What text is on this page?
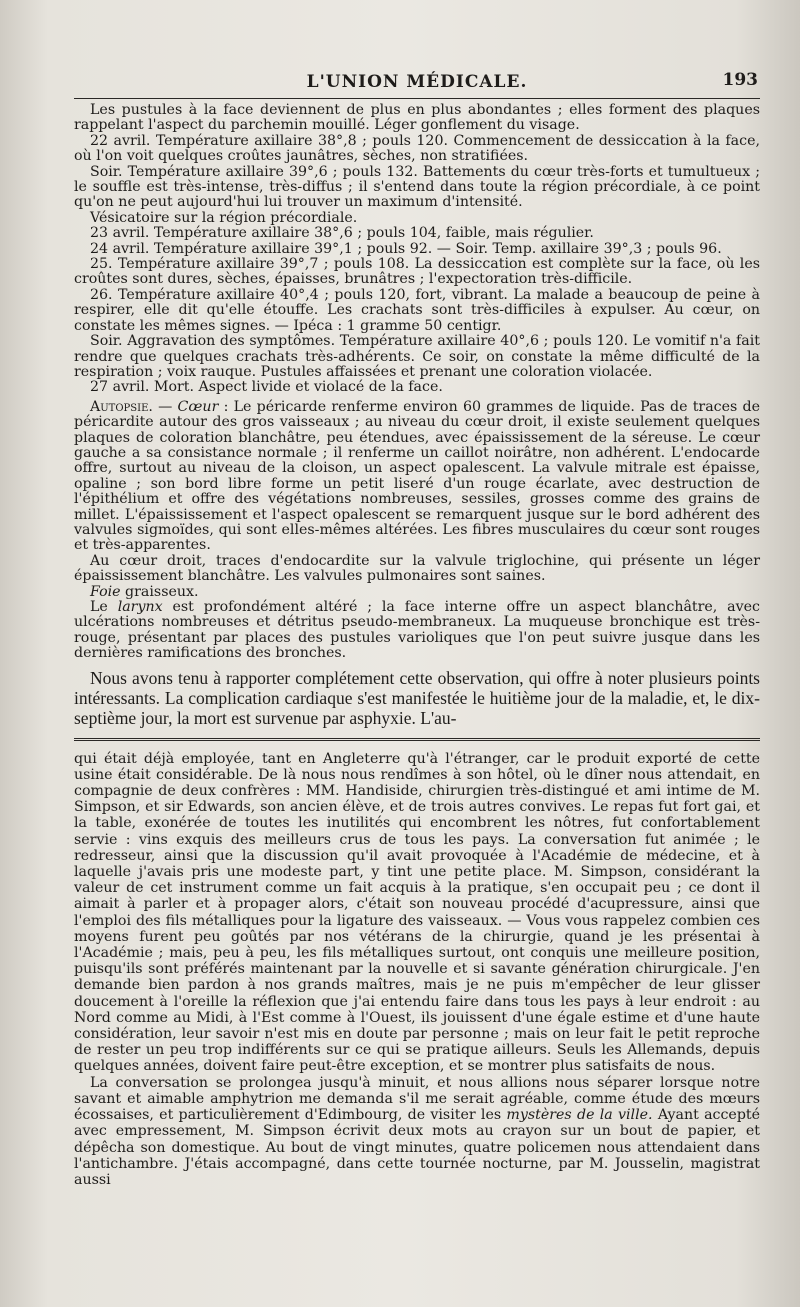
L'UNION MÉDICALE.	193

Les pustules à la face deviennent de plus en plus abondantes ; elles forment des plaques rappelant l'aspect du parchemin mouillé. Léger gonflement du visage.

22 avril. Température axillaire 38°,8 ; pouls 120. Commencement de dessiccation à la face, où l'on voit quelques croûtes jaunâtres, sèches, non stratifiées.

Soir. Température axillaire 39°,6 ; pouls 132. Battements du cœur très-forts et tumultueux ; le souffle est très-intense, très-diffus ; il s'entend dans toute la région précordiale, à ce point qu'on ne peut aujourd'hui lui trouver un maximum d'intensité.

Vésicatoire sur la région précordiale.

23 avril. Température axillaire 38°,6 ; pouls 104, faible, mais régulier.

24 avril. Température axillaire 39°,1 ; pouls 92. — Soir. Temp. axillaire 39°,3 ; pouls 96.

25. Température axillaire 39°,7 ; pouls 108. La dessiccation est complète sur la face, où les croûtes sont dures, sèches, épaisses, brunâtres ; l'expectoration très-difficile.

26. Température axillaire 40°,4 ; pouls 120, fort, vibrant. La malade a beaucoup de peine à respirer, elle dit qu'elle étouffe. Les crachats sont très-difficiles à expulser. Au cœur, on constate les mêmes signes. — Ipéca : 1 gramme 50 centigr.

Soir. Aggravation des symptômes. Température axillaire 40°,6 ; pouls 120. Le vomitif n'a fait rendre que quelques crachats très-adhérents. Ce soir, on constate la même difficulté de la respiration ; voix rauque. Pustules affaissées et prenant une coloration violacée.

27 avril. Mort. Aspect livide et violacé de la face.

Autopsie. — Cœur : Le péricarde renferme environ 60 grammes de liquide. Pas de traces de péricardite autour des gros vaisseaux ; au niveau du cœur droit, il existe seulement quelques plaques de coloration blanchâtre, peu étendues, avec épaississement de la séreuse. Le cœur gauche a sa consistance normale ; il renferme un caillot noirâtre, non adhérent. L'endocarde offre, surtout au niveau de la cloison, un aspect opalescent. La valvule mitrale est épaisse, opaline ; son bord libre forme un petit liseré d'un rouge écarlate, avec destruction de l'épithélium et offre des végétations nombreuses, sessiles, grosses comme des grains de millet. L'épaississement et l'aspect opalescent se remarquent jusque sur le bord adhérent des valvules sigmoïdes, qui sont elles-mêmes altérées. Les fibres musculaires du cœur sont rouges et très-apparentes.

Au cœur droit, traces d'endocardite sur la valvule triglochine, qui présente un léger épaississement blanchâtre. Les valvules pulmonaires sont saines.

Foie graisseux.

Le larynx est profondément altéré ; la face interne offre un aspect blanchâtre, avec ulcérations nombreuses et détritus pseudo-membraneux. La muqueuse bronchique est très-rouge, présentant par places des pustules varioliques que l'on peut suivre jusque dans les dernières ramifications des bronches.

Nous avons tenu à rapporter complétement cette observation, qui offre à noter plusieurs points intéressants. La complication cardiaque s'est manifestée le huitième jour de la maladie, et, le dix-septième jour, la mort est survenue par asphyxie. L'au-

qui était déjà employée, tant en Angleterre qu'à l'étranger, car le produit exporté de cette usine était considérable. De là nous nous rendîmes à son hôtel, où le dîner nous attendait, en compagnie de deux confrères : MM. Handiside, chirurgien très-distingué et ami intime de M. Simpson, et sir Edwards, son ancien élève, et de trois autres convives. Le repas fut fort gai, et la table, exonérée de toutes les inutilités qui encombrent les nôtres, fut confortablement servie : vins exquis des meilleurs crus de tous les pays. La conversation fut animée ; le redresseur, ainsi que la discussion qu'il avait provoquée à l'Académie de médecine, et à laquelle j'avais pris une modeste part, y tint une petite place. M. Simpson, considérant la valeur de cet instrument comme un fait acquis à la pratique, s'en occupait peu ; ce dont il aimait à parler et à propager alors, c'était son nouveau procédé d'acupressure, ainsi que l'emploi des fils métalliques pour la ligature des vaisseaux. — Vous vous rappelez combien ces moyens furent peu goûtés par nos vétérans de la chirurgie, quand je les présentai à l'Académie ; mais, peu à peu, les fils métalliques surtout, ont conquis une meilleure position, puisqu'ils sont préférés maintenant par la nouvelle et si savante génération chirurgicale. J'en demande bien pardon à nos grands maîtres, mais je ne puis m'empêcher de leur glisser doucement à l'oreille la réflexion que j'ai entendu faire dans tous les pays à leur endroit : au Nord comme au Midi, à l'Est comme à l'Ouest, ils jouissent d'une égale estime et d'une haute considération, leur savoir n'est mis en doute par personne ; mais on leur fait le petit reproche de rester un peu trop indifférents sur ce qui se pratique ailleurs. Seuls les Allemands, depuis quelques années, doivent faire peut-être exception, et se montrer plus satisfaits de nous.

La conversation se prolongea jusqu'à minuit, et nous allions nous séparer lorsque notre savant et aimable amphytrion me demanda s'il me serait agréable, comme étude des mœurs écossaises, et particulièrement d'Edimbourg, de visiter les mystères de la ville. Ayant accepté avec empressement, M. Simpson écrivit deux mots au crayon sur un bout de papier, et dépêcha son domestique. Au bout de vingt minutes, quatre policemen nous attendaient dans l'antichambre. J'étais accompagné, dans cette tournée nocturne, par M. Jousselin, magistrat aussi
